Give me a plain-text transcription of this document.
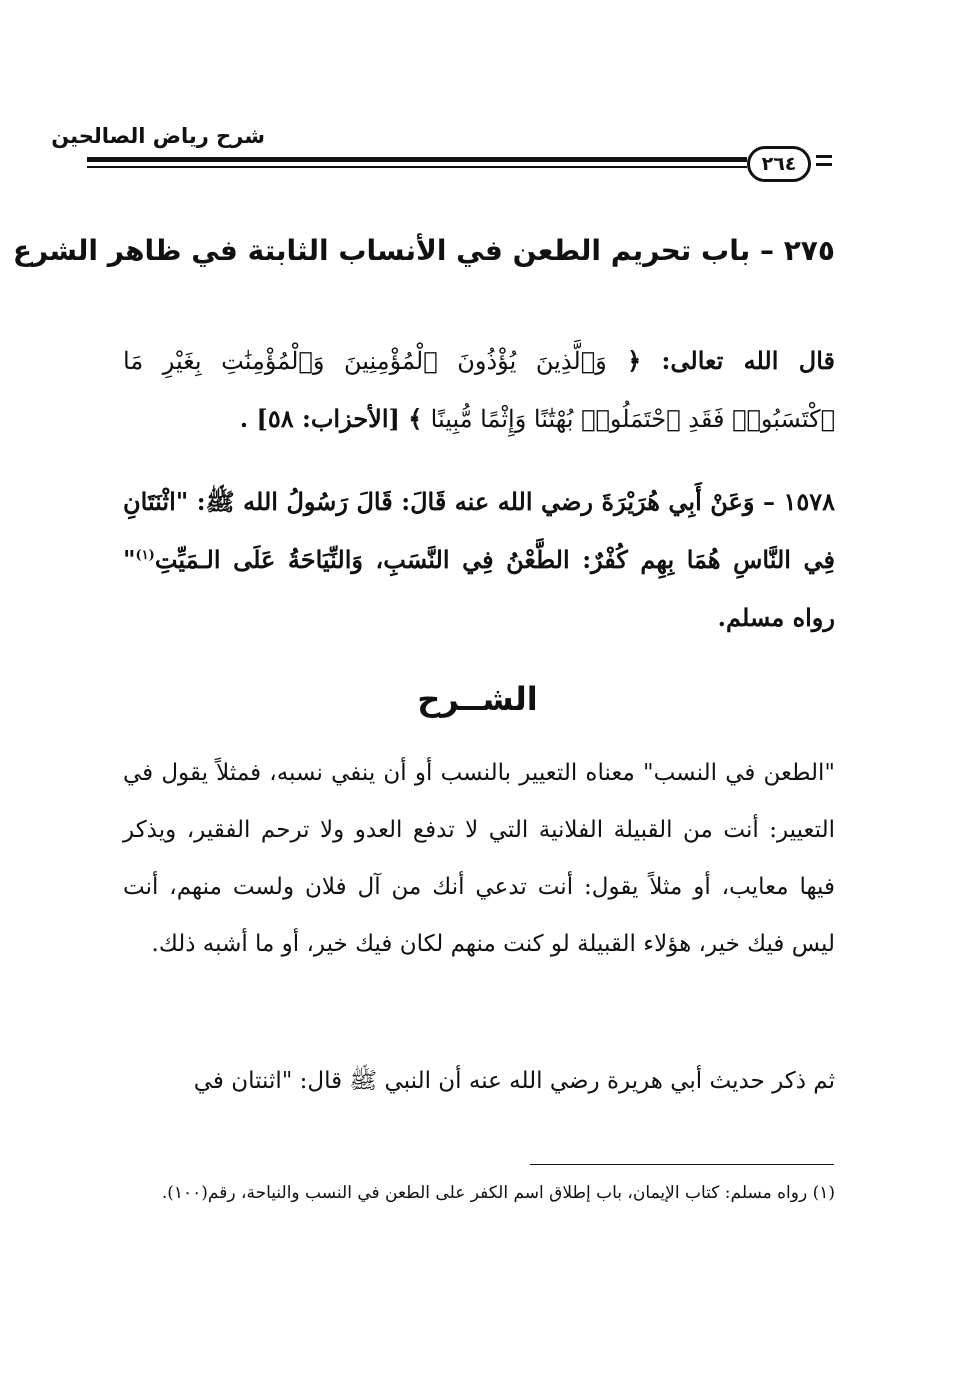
شرح رياض الصالحين
٢٦٤
٢٧٥ – باب تحريم الطعن في الأنساب الثابتة في ظاهر الشرع
قال الله تعالى: ﴿ وَٱلَّذِينَ يُؤْذُونَ ٱلْمُؤْمِنِينَ وَٱلْمُؤْمِنَٰتِ بِغَيْرِ مَا ٱكْتَسَبُوا۟ فَقَدِ ٱحْتَمَلُوا۟ بُهْتَٰنًا وَإِثْمًا مُّبِينًا ﴾ [الأحزاب: ٥٨] .
١٥٧٨ – وَعَنْ أَبِي هُرَيْرَةَ رضي الله عنه قَالَ: قَالَ رَسُولُ الله ﷺ: "اثْنَتَانِ فِي النَّاسِ هُمَا بِهِم كُفْرٌ: الطَّعْنُ فِي النَّسَبِ، وَالنِّيَاحَةُ عَلَى الـمَيِّتِ$^{(١)}$" رواه مسلم.
الشــرح
"الطعن في النسب" معناه التعيير بالنسب أو أن ينفي نسبه، فمثلاً يقول في التعيير: أنت من القبيلة الفلانية التي لا تدفع العدو ولا ترحم الفقير، ويذكر فيها معايب، أو مثلاً يقول: أنت تدعي أنك من آل فلان ولست منهم، أنت ليس فيك خير، هؤلاء القبيلة لو كنت منهم لكان فيك خير، أو ما أشبه ذلك.
ثم ذكر حديث أبي هريرة رضي الله عنه أن النبي ﷺ قال: "اثنتان في
(١) رواه مسلم: كتاب الإيمان، باب إطلاق اسم الكفر على الطعن في النسب والنياحة، رقم(١٠٠).
